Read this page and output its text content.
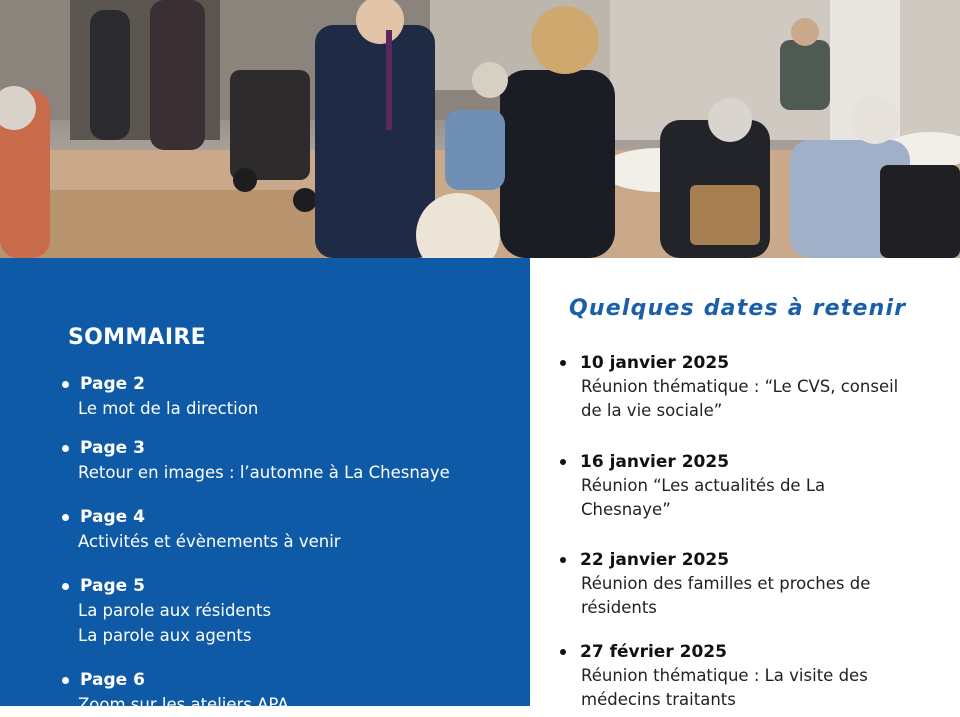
SOMMAIRE
Page 2
Le mot de la direction
Page 3
Retour en images : l’automne à La Chesnaye
Page 4
Activités et évènements à venir
Page 5
La parole aux résidents
La parole aux agents
Page 6
Zoom sur les ateliers APA
Quelques dates à retenir
10 janvier 2025
Réunion thématique : “Le CVS, conseil
de la vie sociale”
16 janvier 2025
Réunion “Les actualités de La
Chesnaye”
22 janvier 2025
Réunion des familles et proches de
résidents
27 février 2025
Réunion thématique : La visite des
médecins traitants
